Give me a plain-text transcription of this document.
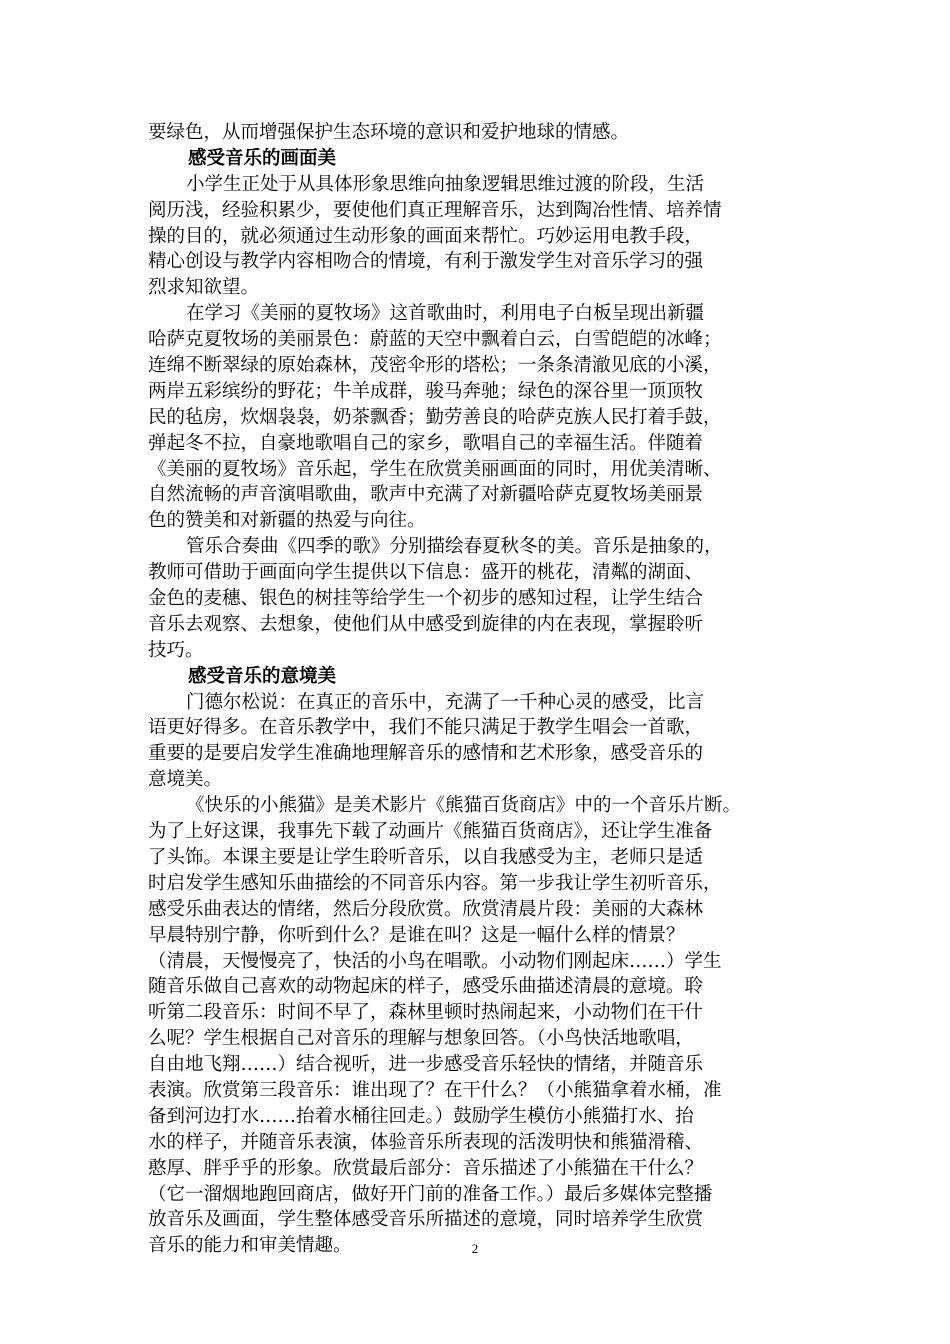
要绿色，从而增强保护生态环境的意识和爱护地球的情感。
感受音乐的画面美
小学生正处于从具体形象思维向抽象逻辑思维过渡的阶段，生活
阅历浅，经验积累少，要使他们真正理解音乐，达到陶冶性情、培养情
操的目的，就必须通过生动形象的画面来帮忙。巧妙运用电教手段，
精心创设与教学内容相吻合的情境，有利于激发学生对音乐学习的强
烈求知欲望。
在学习《美丽的夏牧场》这首歌曲时，利用电子白板呈现出新疆
哈萨克夏牧场的美丽景色：蔚蓝的天空中飘着白云，白雪皑皑的冰峰；
连绵不断翠绿的原始森林，茂密伞形的塔松；一条条清澈见底的小溪，
两岸五彩缤纷的野花；牛羊成群，骏马奔驰；绿色的深谷里一顶顶牧
民的毡房，炊烟袅袅，奶茶飘香；勤劳善良的哈萨克族人民打着手鼓，
弹起冬不拉，自豪地歌唱自己的家乡，歌唱自己的幸福生活。伴随着
《美丽的夏牧场》音乐起，学生在欣赏美丽画面的同时，用优美清晰、
自然流畅的声音演唱歌曲，歌声中充满了对新疆哈萨克夏牧场美丽景
色的赞美和对新疆的热爱与向往。
管乐合奏曲《四季的歌》分别描绘春夏秋冬的美。音乐是抽象的，
教师可借助于画面向学生提供以下信息：盛开的桃花，清粼的湖面、
金色的麦穗、银色的树挂等给学生一个初步的感知过程，让学生结合
音乐去观察、去想象，使他们从中感受到旋律的内在表现，掌握聆听
技巧。
感受音乐的意境美
门德尔松说：在真正的音乐中，充满了一千种心灵的感受，比言
语更好得多。在音乐教学中，我们不能只满足于教学生唱会一首歌，
重要的是要启发学生准确地理解音乐的感情和艺术形象，感受音乐的
意境美。
《快乐的小熊猫》是美术影片《熊猫百货商店》中的一个音乐片断。
为了上好这课，我事先下载了动画片《熊猫百货商店》，还让学生准备
了头饰。本课主要是让学生聆听音乐，以自我感受为主，老师只是适
时启发学生感知乐曲描绘的不同音乐内容。第一步我让学生初听音乐，
感受乐曲表达的情绪，然后分段欣赏。欣赏清晨片段：美丽的大森林
早晨特别宁静，你听到什么？是谁在叫？这是一幅什么样的情景？
（清晨，天慢慢亮了，快活的小鸟在唱歌。小动物们刚起床……）学生
随音乐做自己喜欢的动物起床的样子，感受乐曲描述清晨的意境。聆
听第二段音乐：时间不早了，森林里顿时热闹起来，小动物们在干什
么呢？学生根据自己对音乐的理解与想象回答。（小鸟快活地歌唱，
自由地飞翔……）结合视听，进一步感受音乐轻快的情绪，并随音乐
表演。欣赏第三段音乐：谁出现了？在干什么？（小熊猫拿着水桶，准
备到河边打水……抬着水桶往回走。）鼓励学生模仿小熊猫打水、抬
水的样子，并随音乐表演，体验音乐所表现的活泼明快和熊猫滑稽、
憨厚、胖乎乎的形象。欣赏最后部分：音乐描述了小熊猫在干什么？
（它一溜烟地跑回商店，做好开门前的准备工作。）最后多媒体完整播
放音乐及画面，学生整体感受音乐所描述的意境，同时培养学生欣赏
音乐的能力和审美情趣。	2
